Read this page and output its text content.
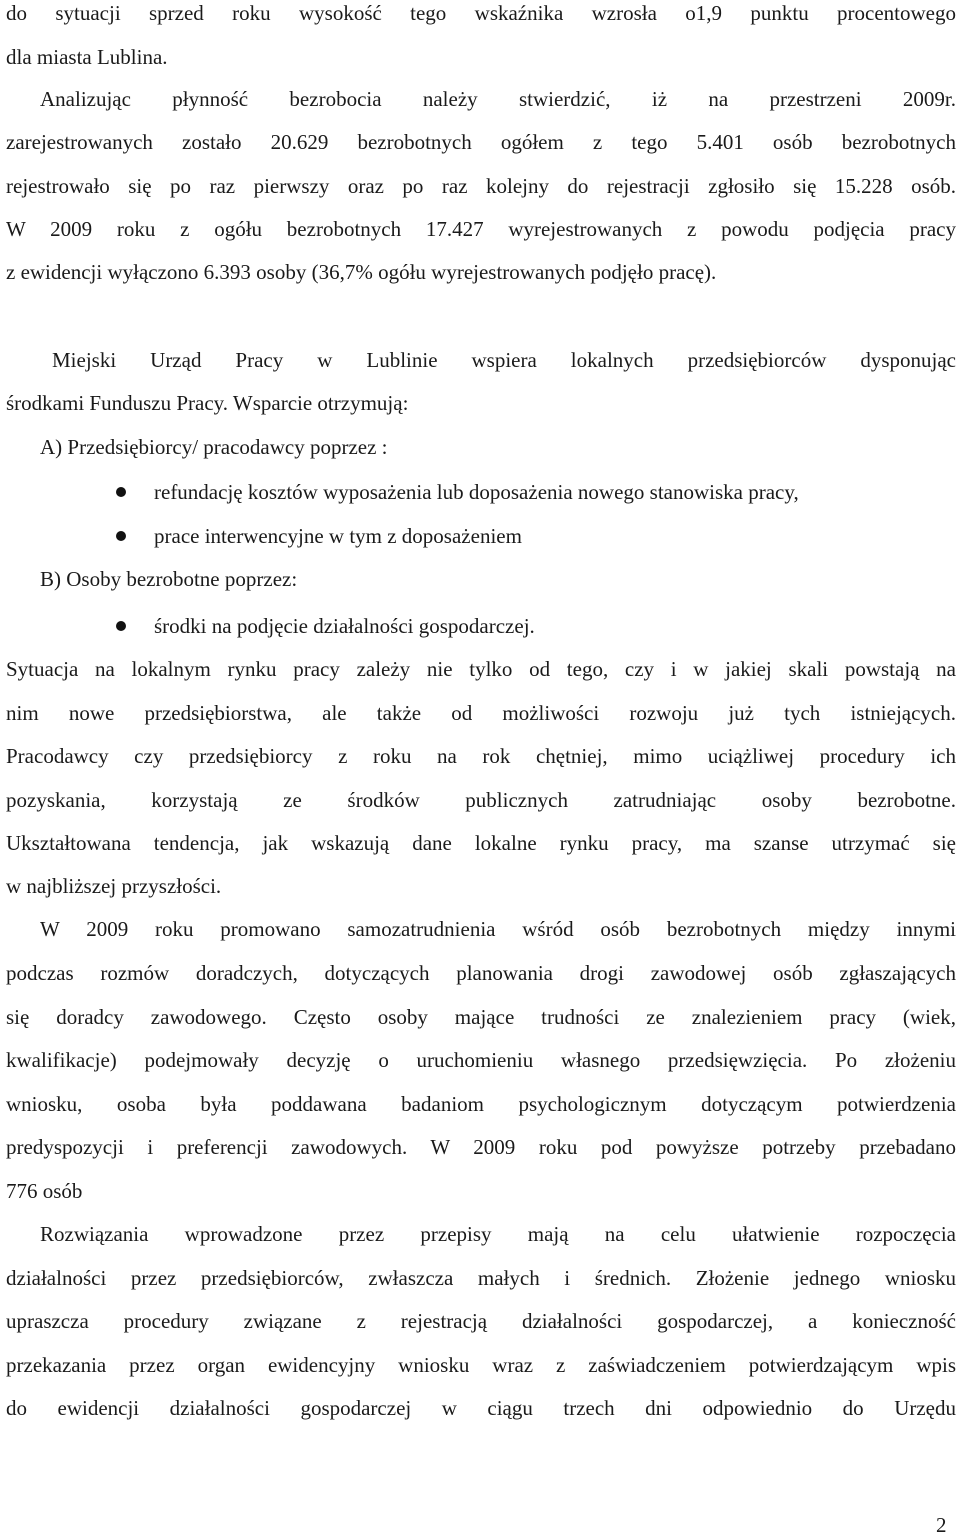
do sytuacji sprzed roku wysokość tego wskaźnika wzrosła o1,9 punktu procentowego
dla miasta Lublina.
Analizując płynność bezrobocia należy stwierdzić, iż na przestrzeni 2009r.
zarejestrowanych zostało 20.629 bezrobotnych ogółem z tego 5.401 osób bezrobotnych
rejestrowało się po raz pierwszy oraz po raz kolejny do rejestracji zgłosiło się 15.228 osób.
W 2009 roku z ogółu bezrobotnych 17.427 wyrejestrowanych z powodu podjęcia pracy
z ewidencji wyłączono 6.393 osoby (36,7% ogółu wyrejestrowanych podjęło pracę).
Miejski Urząd Pracy w Lublinie wspiera lokalnych przedsiębiorców dysponując
środkami Funduszu Pracy. Wsparcie otrzymują:
A) Przedsiębiorcy/ pracodawcy poprzez :
refundację kosztów wyposażenia lub doposażenia nowego stanowiska pracy,
prace interwencyjne w tym z doposażeniem
B) Osoby bezrobotne poprzez:
środki na podjęcie działalności gospodarczej.
Sytuacja na lokalnym rynku pracy zależy nie tylko od tego, czy i w jakiej skali powstają na
nim nowe przedsiębiorstwa, ale także od możliwości rozwoju już tych istniejących.
Pracodawcy czy przedsiębiorcy z roku na rok chętniej, mimo uciążliwej procedury ich
pozyskania, korzystają ze środków publicznych zatrudniając osoby bezrobotne.
Ukształtowana tendencja, jak wskazują dane lokalne rynku pracy, ma szanse utrzymać się
w najbliższej przyszłości.
W 2009 roku promowano samozatrudnienia wśród osób bezrobotnych między innymi
podczas rozmów doradczych, dotyczących planowania drogi zawodowej osób zgłaszających
się doradcy zawodowego. Często osoby mające trudności ze znalezieniem pracy (wiek,
kwalifikacje) podejmowały decyzję o uruchomieniu własnego przedsięwzięcia. Po złożeniu
wniosku, osoba była poddawana badaniom psychologicznym dotyczącym potwierdzenia
predyspozycji i preferencji zawodowych. W 2009 roku pod powyższe potrzeby przebadano
776 osób
Rozwiązania wprowadzone przez przepisy mają na celu ułatwienie rozpoczęcia
działalności przez przedsiębiorców, zwłaszcza małych i średnich. Złożenie jednego wniosku
upraszcza procedury związane z rejestracją działalności gospodarczej, a konieczność
przekazania przez organ ewidencyjny wniosku wraz z zaświadczeniem potwierdzającym wpis
do ewidencji działalności gospodarczej w ciągu trzech dni odpowiednio do Urzędu
2
